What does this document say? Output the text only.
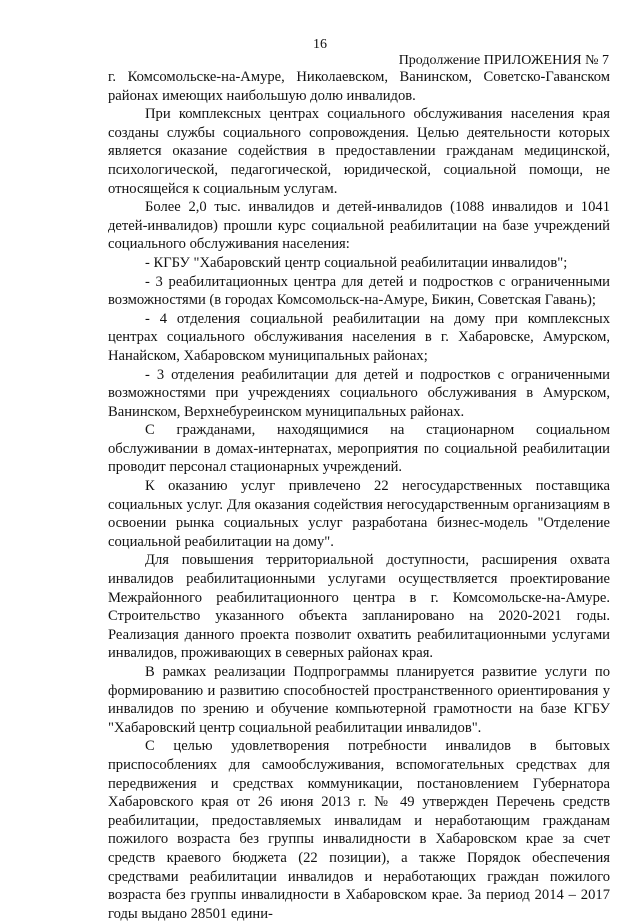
16
Продолжение ПРИЛОЖЕНИЯ № 7

г. Комсомольске-на-Амуре, Николаевском, Ванинском, Советско-Гаванском районах имеющих наибольшую долю инвалидов.

При комплексных центрах социального обслуживания населения края созданы службы социального сопровождения. Целью деятельности которых является оказание содействия в предоставлении гражданам медицинской, психологической, педагогической, юридической, социальной помощи, не относящейся к социальным услугам.

Более 2,0 тыс. инвалидов и детей-инвалидов (1088 инвалидов и 1041 детей-инвалидов) прошли курс социальной реабилитации на базе учреждений социального обслуживания населения:

- КГБУ "Хабаровский центр социальной реабилитации инвалидов";

- 3 реабилитационных центра для детей и подростков с ограниченными возможностями (в городах Комсомольск-на-Амуре, Бикин, Советская Гавань);

- 4 отделения социальной реабилитации на дому при комплексных центрах социального обслуживания населения в г. Хабаровске, Амурском, Нанайском, Хабаровском муниципальных районах;

- 3 отделения реабилитации для детей и подростков с ограниченными возможностями при учреждениях социального обслуживания в Амурском, Ванинском, Верхнебуреинском муниципальных районах.

С гражданами, находящимися на стационарном социальном обслуживании в домах-интернатах, мероприятия по социальной реабилитации проводит персонал стационарных учреждений.

К оказанию услуг привлечено 22 негосударственных поставщика социальных услуг. Для оказания содействия негосударственным организациям в освоении рынка социальных услуг разработана бизнес-модель "Отделение социальной реабилитации на дому".

Для повышения территориальной доступности, расширения охвата инвалидов реабилитационными услугами осуществляется проектирование Межрайонного реабилитационного центра в г. Комсомольске-на-Амуре. Строительство указанного объекта запланировано на 2020-2021 годы. Реализация данного проекта позволит охватить реабилитационными услугами инвалидов, проживающих в северных районах края.

В рамках реализации Подпрограммы планируется развитие услуги по формированию и развитию способностей пространственного ориентирования у инвалидов по зрению и обучение компьютерной грамотности на базе КГБУ "Хабаровский центр социальной реабилитации инвалидов".

С целью удовлетворения потребности инвалидов в бытовых приспособлениях для самообслуживания, вспомогательных средствах для передвижения и средствах коммуникации, постановлением Губернатора Хабаровского края от 26 июня 2013 г. № 49 утвержден Перечень средств реабилитации, предоставляемых инвалидам и неработающим гражданам пожилого возраста без группы инвалидности в Хабаровском крае за счет средств краевого бюджета (22 позиции), а также Порядок обеспечения средствами реабилитации инвалидов и неработающих граждан пожилого возраста без группы инвалидности в Хабаровском крае. За период 2014 – 2017 годы выдано 28501 едини-
